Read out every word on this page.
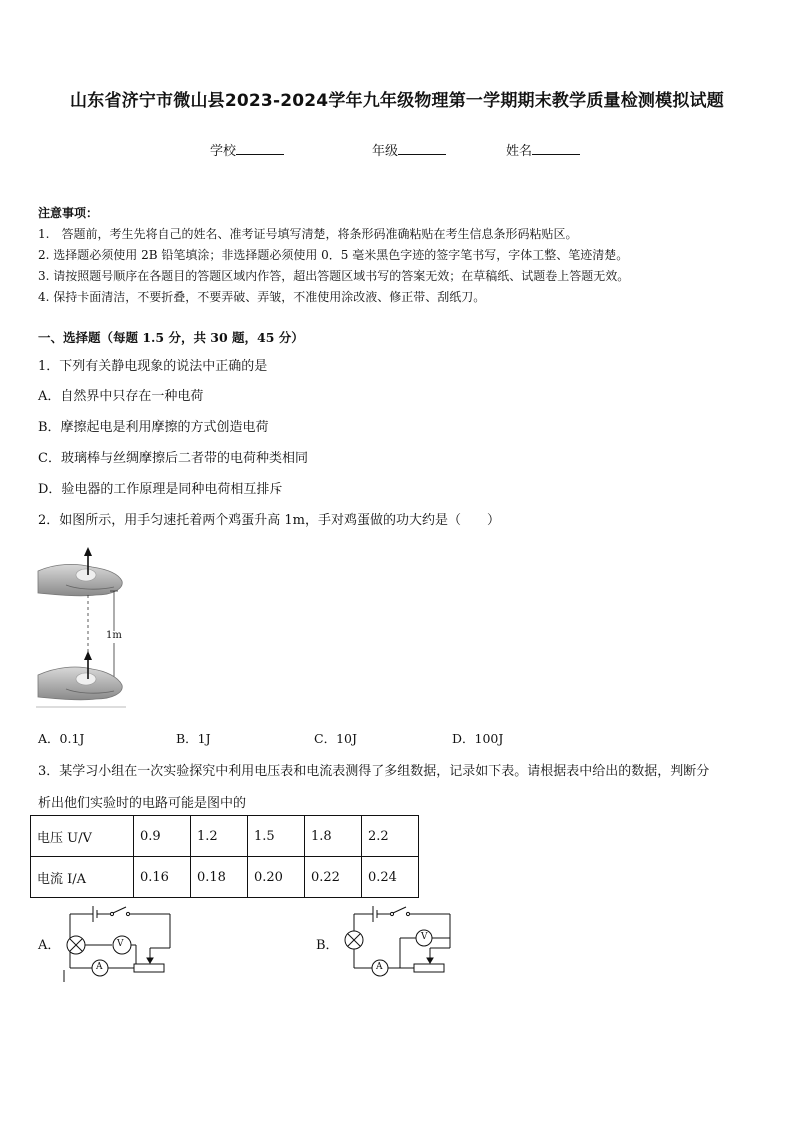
山东省济宁市微山县2023-2024学年九年级物理第一学期期末教学质量检测模拟试题
学校	年级	姓名
注意事项：
1.　答题前，考生先将自己的姓名、准考证号填写清楚，将条形码准确粘贴在考生信息条形码粘贴区。
2. 选择题必须使用 2B 铅笔填涂；非选择题必须使用 0．5 毫米黑色字迹的签字笔书写，字体工整、笔迹清楚。
3. 请按照题号顺序在各题目的答题区域内作答，超出答题区域书写的答案无效；在草稿纸、试题卷上答题无效。
4. 保持卡面清洁，不要折叠，不要弄破、弄皱，不准使用涂改液、修正带、刮纸刀。
一、选择题（每题 1.5 分，共 30 题，45 分）
1．下列有关静电现象的说法中正确的是
A．自然界中只存在一种电荷
B．摩擦起电是利用摩擦的方式创造电荷
C．玻璃棒与丝绸摩擦后二者带的电荷种类相同
D．验电器的工作原理是同种电荷相互排斥
2．如图所示，用手匀速托着两个鸡蛋升高 1m，手对鸡蛋做的功大约是（　　）
1m
A．0.1J	B．1J	C．10J	D．100J
3．某学习小组在一次实验探究中利用电压表和电流表测得了多组数据，记录如下表。请根据表中给出的数据，判断分
析出他们实验时的电路可能是图中的
电压 U/V	0.9	1.2	1.5	1.8	2.2
电流 I/A	0.16	0.18	0.20	0.22	0.24
A．	V
A
B．
V
A
